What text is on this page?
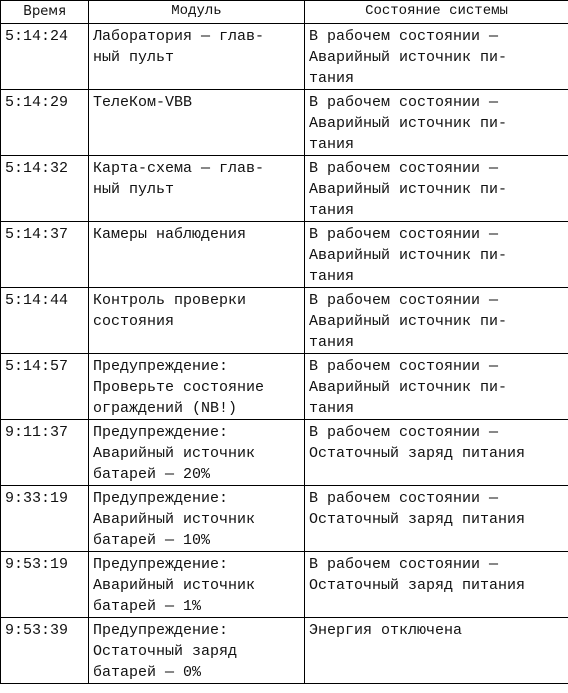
Время	Модуль	Состояние системы
5:14:24	Лаборатория — глав-
ный пульт	В рабочем состоянии —
Аварийный источник пи-
тания

5:14:29	ТелеКом-VBB	В рабочем состоянии —
Аварийный источник пи-
тания

5:14:32	Карта-схема — глав-
ный пульт	В рабочем состоянии —
Аварийный источник пи-
тания

5:14:37	Камеры наблюдения	В рабочем состоянии —
Аварийный источник пи-
тания

5:14:44	Контроль проверки
состояния	В рабочем состоянии —
Аварийный источник пи-
тания

5:14:57	Предупреждение:
Проверьте состояние
ограждений (NB!)	В рабочем состоянии —
Аварийный источник пи-
тания

9:11:37	Предупреждение:
Аварийный источник
батарей — 20%	В рабочем состоянии —
Остаточный заряд питания

9:33:19	Предупреждение:
Аварийный источник
батарей — 10%	В рабочем состоянии —
Остаточный заряд питания

9:53:19	Предупреждение:
Аварийный источник
батарей — 1%	В рабочем состоянии —
Остаточный заряд питания

9:53:39	Предупреждение:
Остаточный заряд
батарей — 0%	Энергия отключена
